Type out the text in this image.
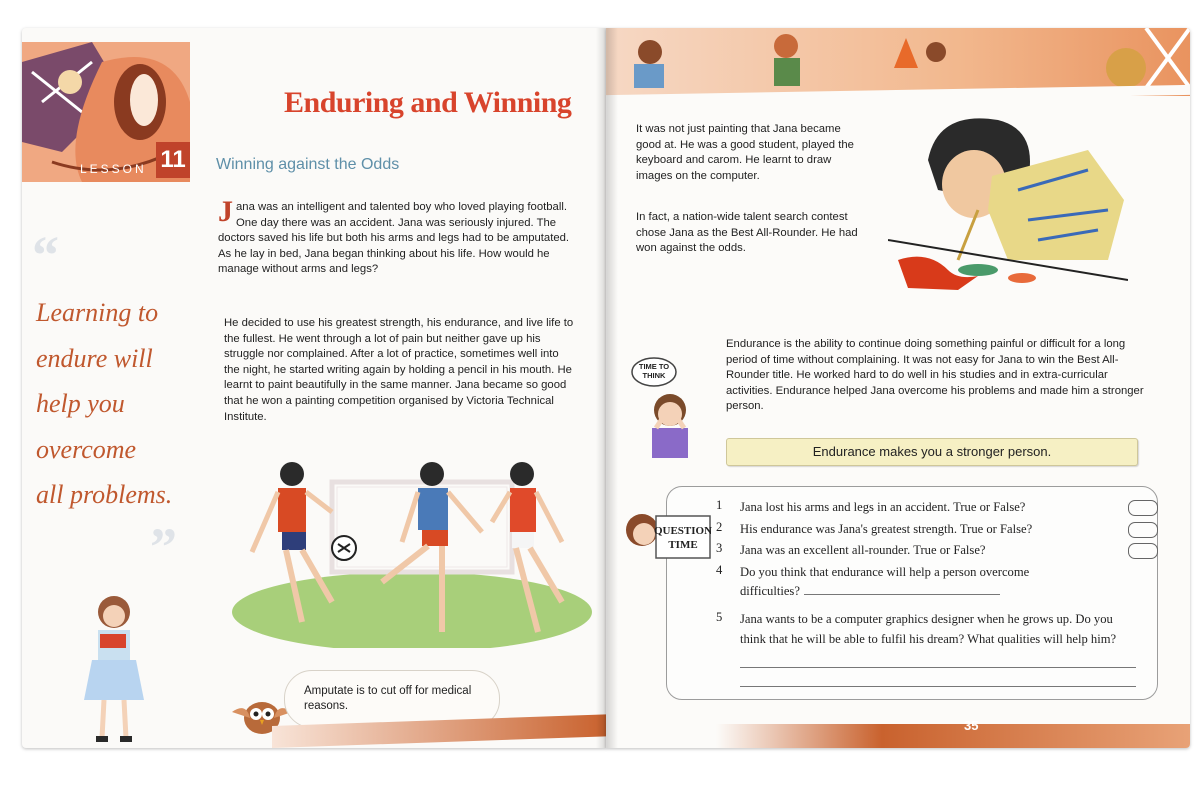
LESSON 11
Enduring and Winning
Winning against the Odds

Jana was an intelligent and talented boy who loved playing football. One day there was an accident. Jana was seriously injured. The doctors saved his life but both his arms and legs had to be amputated. As he lay in bed, Jana began thinking about his life. How would he manage without arms and legs?

He decided to use his greatest strength, his endurance, and live life to the fullest. He went through a lot of pain but neither gave up his struggle nor complained. After a lot of practice, sometimes well into the night, he started writing again by holding a pencil in his mouth. He learnt to paint beautifully in the same manner. Jana became so good that he won a painting competition organised by Victoria Technical Institute.

“

Learning to
endure will
help you
overcome
all problems.

”

Amputate is to cut off for medical reasons.

It was not just painting that Jana became good at. He was a good student, played the keyboard and carom. He learnt to draw images on the computer.

In fact, a nation-wide talent search contest chose Jana as the Best All-Rounder. He had won against the odds.

TIME TO
THINK

Endurance is the ability to continue doing something painful or difficult for a long period of time without complaining. It was not easy for Jana to win the Best All-Rounder title. He worked hard to do well in his studies and in extra-curricular activities. Endurance helped Jana overcome his problems and made him a stronger person.

Endurance makes you a stronger person.
QUESTION
TIME
1 Jana lost his arms and legs in an accident. True or False?
2 His endurance was Jana's greatest strength. True or False?
3 Jana was an excellent all-rounder. True or False?
4 Do you think that endurance will help a person overcome
difficulties?
5 Jana wants to be a computer graphics designer when he grows up. Do you think that he will be able to fulfil his dream? What qualities will help him?
35
